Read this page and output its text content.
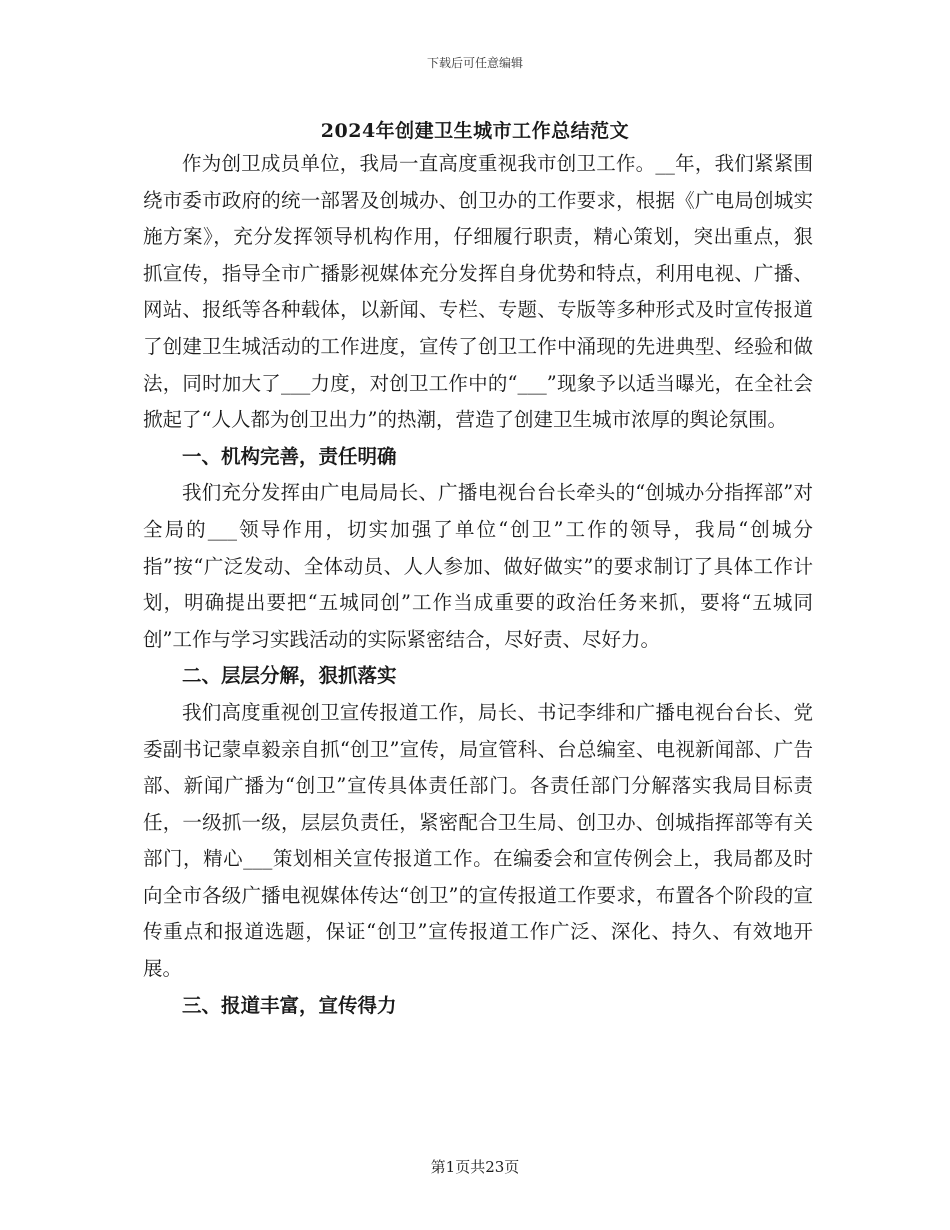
下载后可任意编辑
2024年创建卫生城市工作总结范文

作为创卫成员单位，我局一直高度重视我市创卫工作。__年，我们紧紧围绕市委市政府的统一部署及创城办、创卫办的工作要求，根据《广电局创城实施方案》，充分发挥领导机构作用，仔细履行职责，精心策划，突出重点，狠抓宣传，指导全市广播影视媒体充分发挥自身优势和特点，利用电视、广播、网站、报纸等各种载体，以新闻、专栏、专题、专版等多种形式及时宣传报道了创建卫生城活动的工作进度，宣传了创卫工作中涌现的先进典型、经验和做法，同时加大了___力度，对创卫工作中的“___”现象予以适当曝光，在全社会掀起了“人人都为创卫出力”的热潮，营造了创建卫生城市浓厚的舆论氛围。

一、机构完善，责任明确

我们充分发挥由广电局局长、广播电视台台长牵头的“创城办分指挥部”对全局的___领导作用，切实加强了单位“创卫”工作的领导，我局“创城分指”按“广泛发动、全体动员、人人参加、做好做实”的要求制订了具体工作计划，明确提出要把“五城同创”工作当成重要的政治任务来抓，要将“五城同创”工作与学习实践活动的实际紧密结合，尽好责、尽好力。

二、层层分解，狠抓落实

我们高度重视创卫宣传报道工作，局长、书记李绯和广播电视台台长、党委副书记蒙卓毅亲自抓“创卫”宣传，局宣管科、台总编室、电视新闻部、广告部、新闻广播为“创卫”宣传具体责任部门。各责任部门分解落实我局目标责任，一级抓一级，层层负责任，紧密配合卫生局、创卫办、创城指挥部等有关部门，精心___策划相关宣传报道工作。在编委会和宣传例会上，我局都及时向全市各级广播电视媒体传达“创卫”的宣传报道工作要求，布置各个阶段的宣传重点和报道选题，保证“创卫”宣传报道工作广泛、深化、持久、有效地开展。

三、报道丰富，宣传得力

第1页共23页
